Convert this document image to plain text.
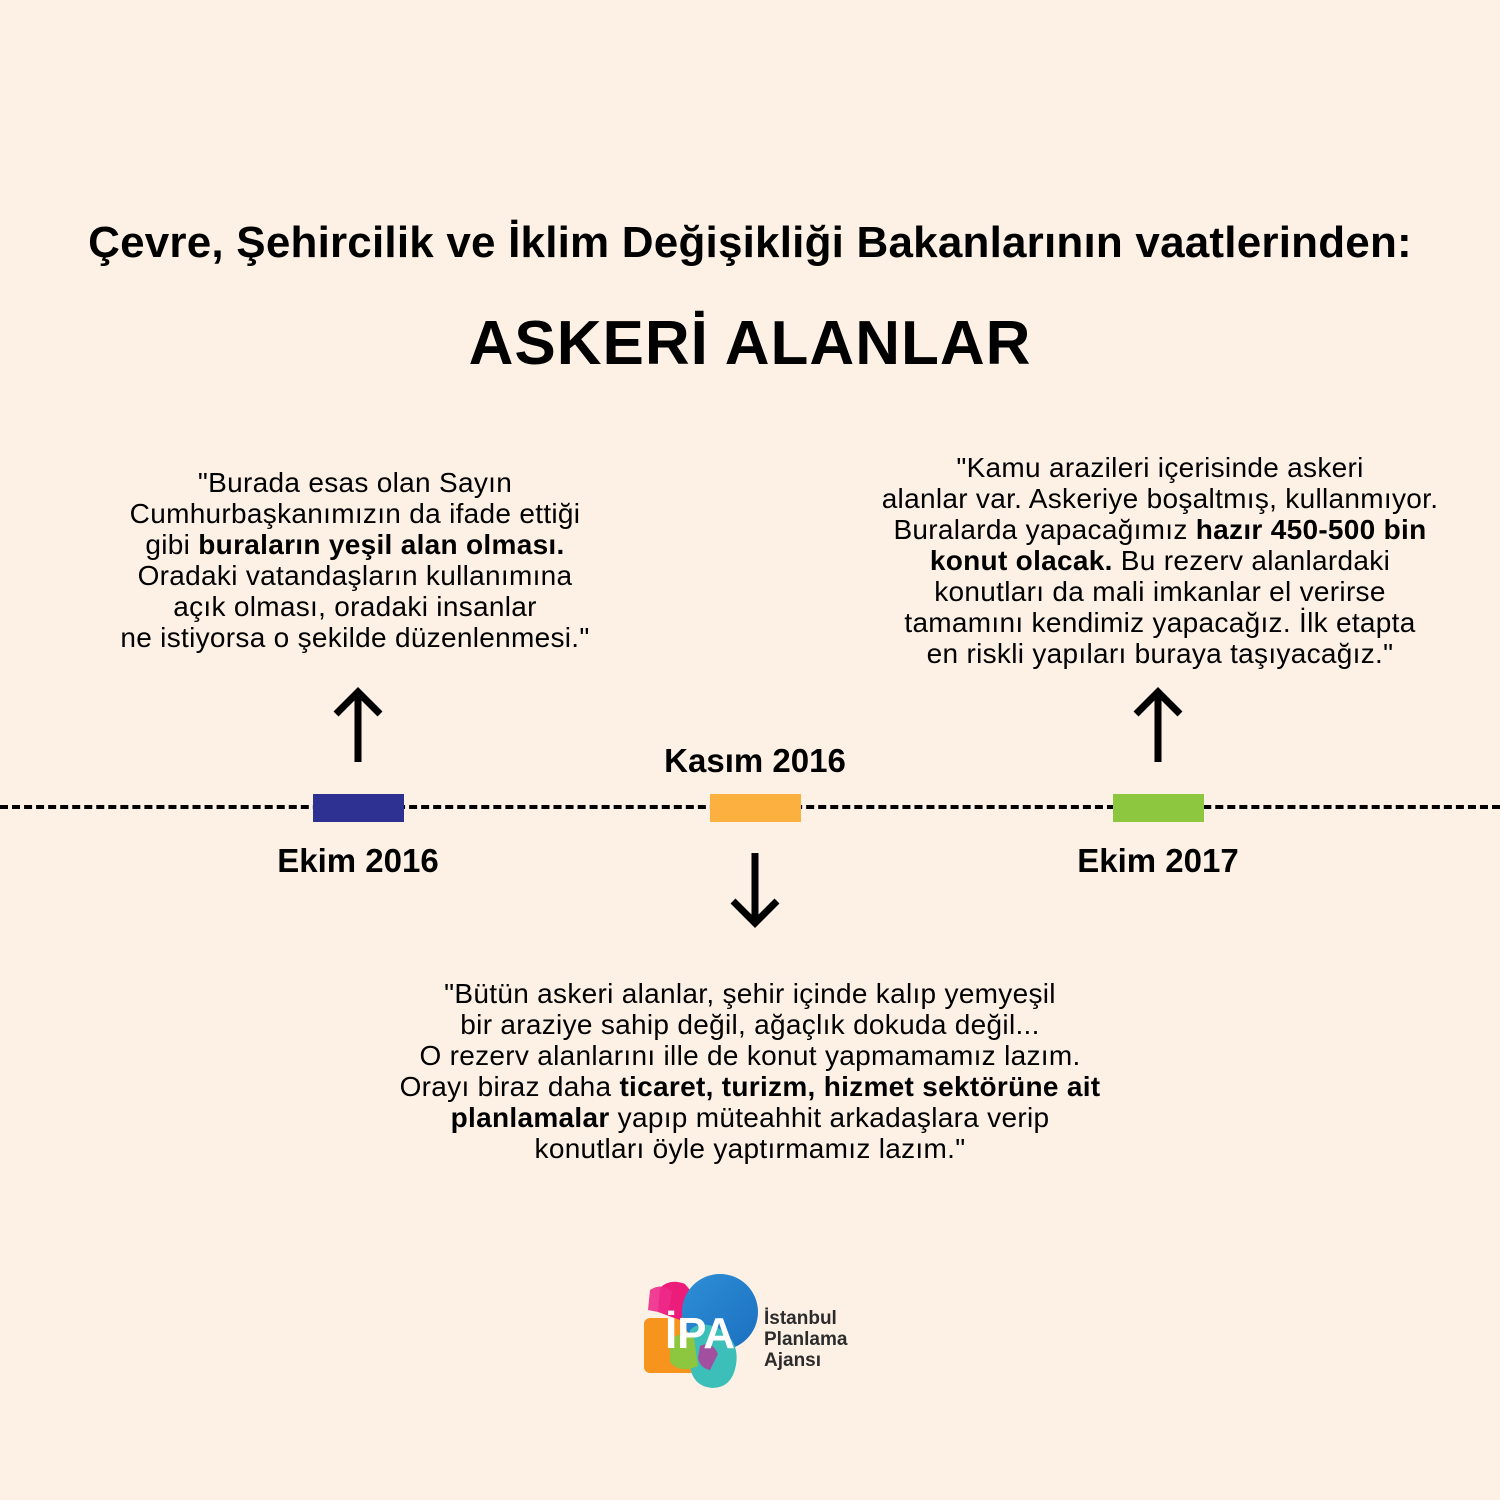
Çevre, Şehircilik ve İklim Değişikliği Bakanlarının vaatlerinden:
ASKERİ ALANLAR
"Burada esas olan Sayın
Cumhurbaşkanımızın da ifade ettiği
gibi buraların yeşil alan olması.
Oradaki vatandaşların kullanımına
açık olması, oradaki insanlar
ne istiyorsa o şekilde düzenlenmesi."
"Kamu arazileri içerisinde askeri
alanlar var. Askeriye boşaltmış, kullanmıyor.
Buralarda yapacağımız hazır 450-500 bin
konut olacak. Bu rezerv alanlardaki
konutları da mali imkanlar el verirse
tamamını kendimiz yapacağız. İlk etapta
en riskli yapıları buraya taşıyacağız."
Kasım 2016
Ekim 2016	Ekim 2017
"Bütün askeri alanlar, şehir içinde kalıp yemyeşil
bir araziye sahip değil, ağaçlık dokuda değil...
O rezerv alanlarını ille de konut yapmamamız lazım.
Orayı biraz daha ticaret, turizm, hizmet sektörüne ait
planlamalar yapıp müteahhit arkadaşlara verip
konutları öyle yaptırmamız lazım."
İPA İstanbul
Planlama
Ajansı
